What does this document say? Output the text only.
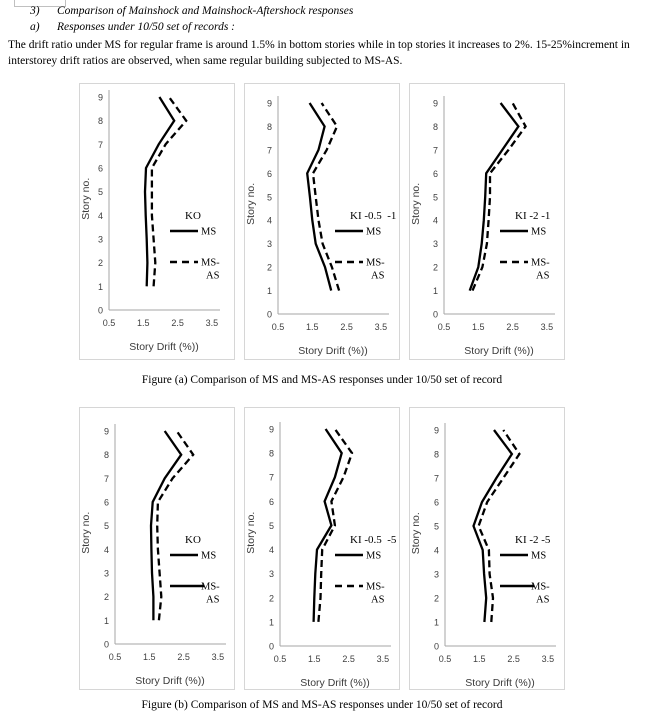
3) Comparison of Mainshock and Mainshock-Aftershock responses
a) Responses under 10/50 set of records :
The drift ratio under MS for regular frame is around 1.5% in bottom stories while in top stories it increases to 2%. 15-25%increment in interstorey drift ratios are observed, when same regular building subjected to MS-AS.
0
1
2
3
4
5
6
7
8
9
0.5 1.5 2.5 3.5
Story no.
Story Drift (%))
KO
MS
MS-
AS
0
1
2
3
4
5
6
7
8
9
0.5 1.5 2.5 3.5
Story no.
Story Drift (%))
KI -0.5  -1
MS
MS-
AS
0
1
2
3
4
5
6
7
8
9
0.5 1.5 2.5 3.5
Story no.
Story Drift (%))
KI -2 -1
MS
MS-
AS
Figure (a) Comparison of MS and MS-AS responses under 10/50 set of record
0
1
2
3
4
5
6
7
8
9
0.5 1.5 2.5 3.5
Story no.
Story Drift (%))
KO
MS
MS-
AS
0
1
2
3
4
5
6
7
8
9
0.5 1.5 2.5 3.5
Story no.
Story Drift (%))
KI -0.5  -5
MS
MS-
AS
0
1
2
3
4
5
6
7
8
9
0.5 1.5 2.5 3.5
Story no.
Story Drift (%))
KI -2 -5
MS
MS-
AS
Figure (b) Comparison of MS and MS-AS responses under 10/50 set of record
